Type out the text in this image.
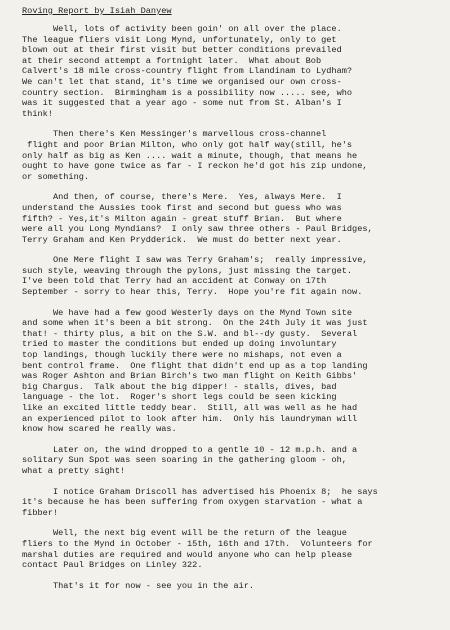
Roving Report by Isiah Danyew
Well, lots of activity been goin' on all over the place.
The league fliers visit Long Mynd, unfortunately, only to get
blown out at their first visit but better conditions prevailed
at their second attempt a fortnight later.  What about Bob
Calvert's 18 mile cross-country flight from Llandinam to Lydham?
We can't let that stand, it's time we organised our own cross-
country section.  Birmingham is a possibility now ..... see, who
was it suggested that a year ago - some nut from St. Alban's I
think!
Then there's Ken Messinger's marvellous cross-channel
flight and poor Brian Milton, who only got half way(still, he's
only half as big as Ken .... wait a minute, though, that means he
ought to have gone twice as far - I reckon he'd got his zip undone,
or something.
And then, of course, there's Mere.  Yes, always Mere.  I
understand the Aussies took first and second but guess who was
fifth? - Yes,it's Milton again - great stuff Brian.  But where
were all you Long Myndians?  I only saw three others - Paul Bridges,
Terry Graham and Ken Prydderick.  We must do better next year.
One Mere flight I saw was Terry Graham's;  really impressive,
such style, weaving through the pylons, just missing the target.
I've been told that Terry had an accident at Conway on 17th
September - sorry to hear this, Terry.  Hope you're fit again now.
We have had a few good Westerly days on the Mynd Town site
and some when it's been a bit strong.  On the 24th July it was just
that! - thirty plus, a bit on the S.W. and bl--dy gusty.  Several
tried to master the conditions but ended up doing involuntary
top landings, though luckily there were no mishaps, not even a
bent control frame.  One flight that didn't end up as a top landing
was Roger Ashton and Brian Birch's two man flight on Keith Gibbs'
big Chargus.  Talk about the big dipper! - stalls, dives, bad
language - the lot.  Roger's short legs could be seen kicking
like an excited little teddy bear.  Still, all was well as he had
an experienced pilot to look after him.  Only his laundryman will
know how scared he really was.
Later on, the wind dropped to a gentle 10 - 12 m.p.h. and a
solitary Sun Spot was seen soaring in the gathering gloom - oh,
what a pretty sight!
I notice Graham Driscoll has advertised his Phoenix 8;  he says
it's because he has been suffering from oxygen starvation - what a
fibber!
Well, the next big event will be the return of the league
fliers to the Mynd in October - 15th, 16th and 17th.  Volunteers for
marshal duties are required and would anyone who can help please
contact Paul Bridges on Linley 322.
That's it for now - see you in the air.
